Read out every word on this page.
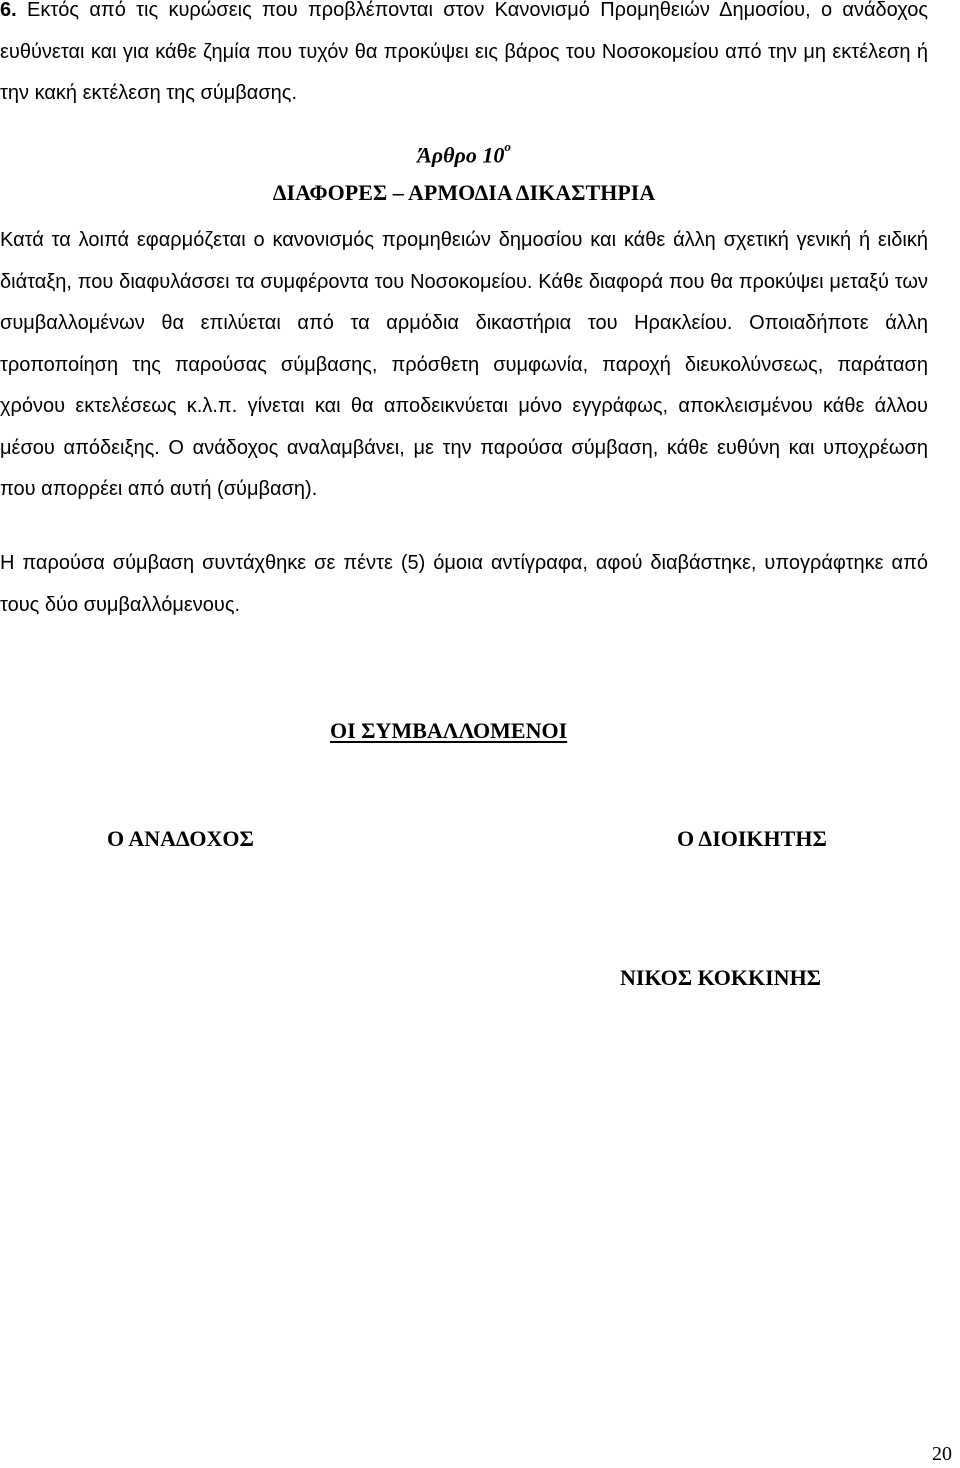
6. Εκτός από τις κυρώσεις που προβλέπονται στον Κανονισμό Προμηθειών Δημοσίου, ο ανάδοχος ευθύνεται και για κάθε ζημία που τυχόν θα προκύψει εις βάρος του Νοσοκομείου από την μη εκτέλεση ή την κακή εκτέλεση της σύμβασης.

Άρθρο $10^o$
ΔΙΑΦΟΡΕΣ – ΑΡΜΟΔΙΑ ΔΙΚΑΣΤΗΡΙΑ

Κατά τα λοιπά εφαρμόζεται ο κανονισμός προμηθειών δημοσίου και κάθε άλλη σχετική γενική ή ειδική διάταξη, που διαφυλάσσει τα συμφέροντα του Νοσοκομείου. Κάθε διαφορά που θα προκύψει μεταξύ των συμβαλλομένων θα επιλύεται από τα αρμόδια δικαστήρια του Ηρακλείου. Οποιαδήποτε άλλη τροποποίηση της παρούσας σύμβασης, πρόσθετη συμφωνία, παροχή διευκολύνσεως, παράταση χρόνου εκτελέσεως κ.λ.π. γίνεται και θα αποδεικνύεται μόνο εγγράφως, αποκλεισμένου κάθε άλλου μέσου απόδειξης. Ο ανάδοχος αναλαμβάνει, με την παρούσα σύμβαση, κάθε ευθύνη και υποχρέωση που απορρέει από αυτή (σύμβαση).

Η παρούσα σύμβαση συντάχθηκε σε πέντε (5) όμοια αντίγραφα, αφού διαβάστηκε, υπογράφτηκε από τους δύο συμβαλλόμενους.

ΟΙ ΣΥΜΒΑΛΛΟΜΕΝΟΙ
Ο ΑΝΑΔΟΧΟΣ	Ο ΔΙΟΙΚΗΤΗΣ
ΝΙΚΟΣ ΚΟΚΚΙΝΗΣ
20
